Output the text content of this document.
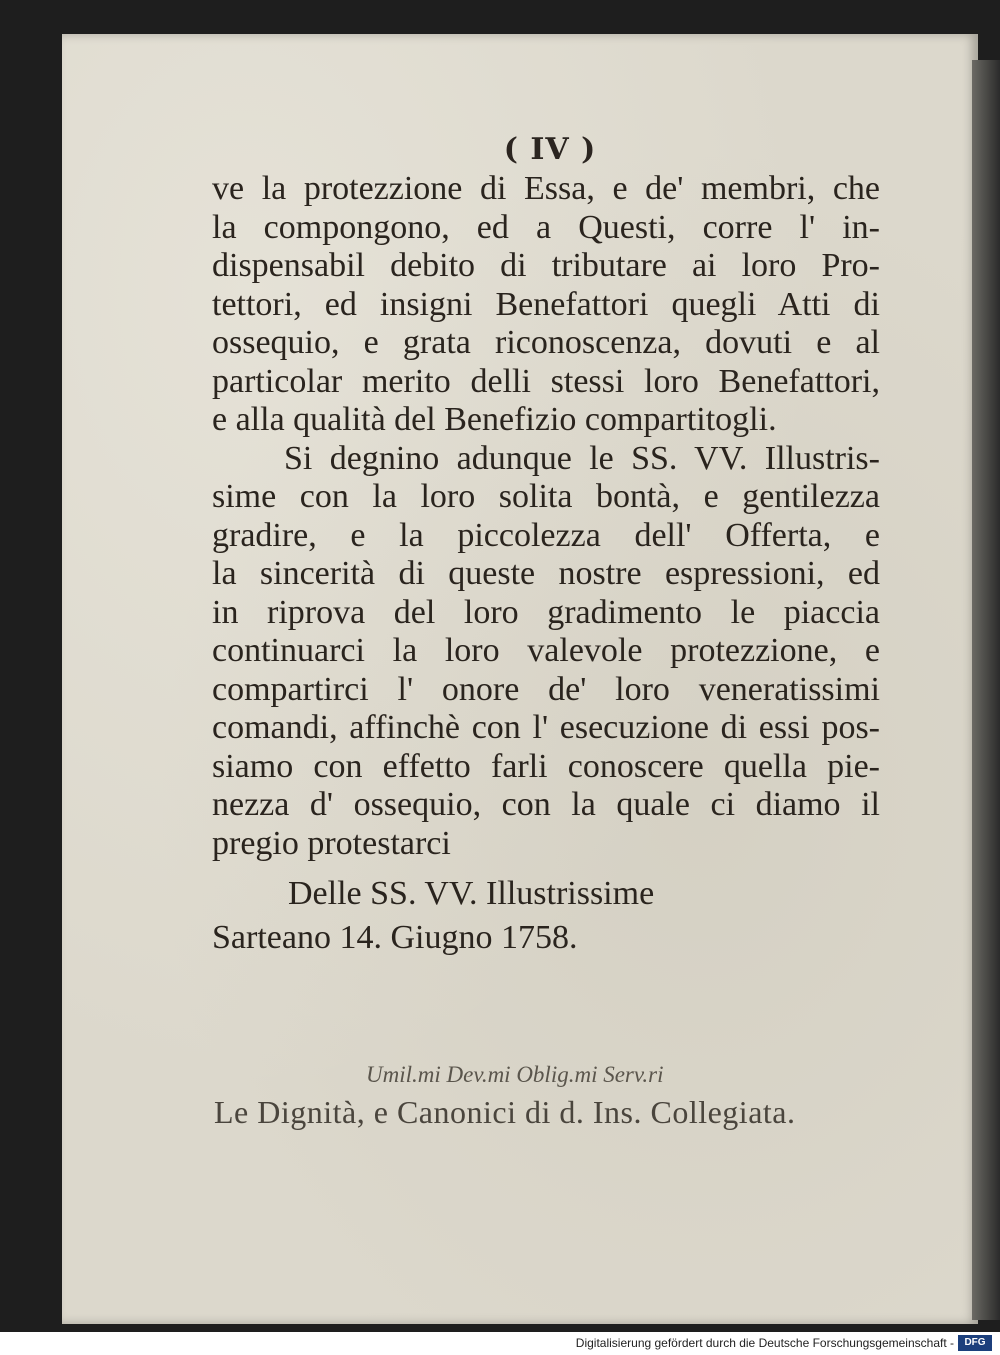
( IV )
ve la protezzione di Essa, e de' membri, che
la compongono, ed a Questi, corre l' in-
dispensabil debito di tributare ai loro Pro-
tettori, ed insigni Benefattori quegli Atti di
ossequio, e grata riconoscenza, dovuti e al
particolar merito delli stessi loro Benefattori,
e alla qualità del Benefizio compartitogli.
Si degnino adunque le SS. VV. Illustris-
sime con la loro solita bontà, e gentilezza
gradire, e la piccolezza dell' Offerta, e
la sincerità di queste nostre espressioni, ed
in riprova del loro gradimento le piaccia
continuarci la loro valevole protezzione, e
compartirci l' onore de' loro veneratissimi
comandi, affinchè con l' esecuzione di essi pos-
siamo con effetto farli conoscere quella pie-
nezza d' ossequio, con la quale ci diamo il
pregio protestarci
Delle SS. VV. Illustrissime
Sarteano 14. Giugno 1758.
Umil.mi Dev.mi Oblig.mi Serv.ri
Le Dignità, e Canonici di d. Ins. Collegiata.
Digitalisierung gefördert durch die Deutsche Forschungsgemeinschaft -	DFG
